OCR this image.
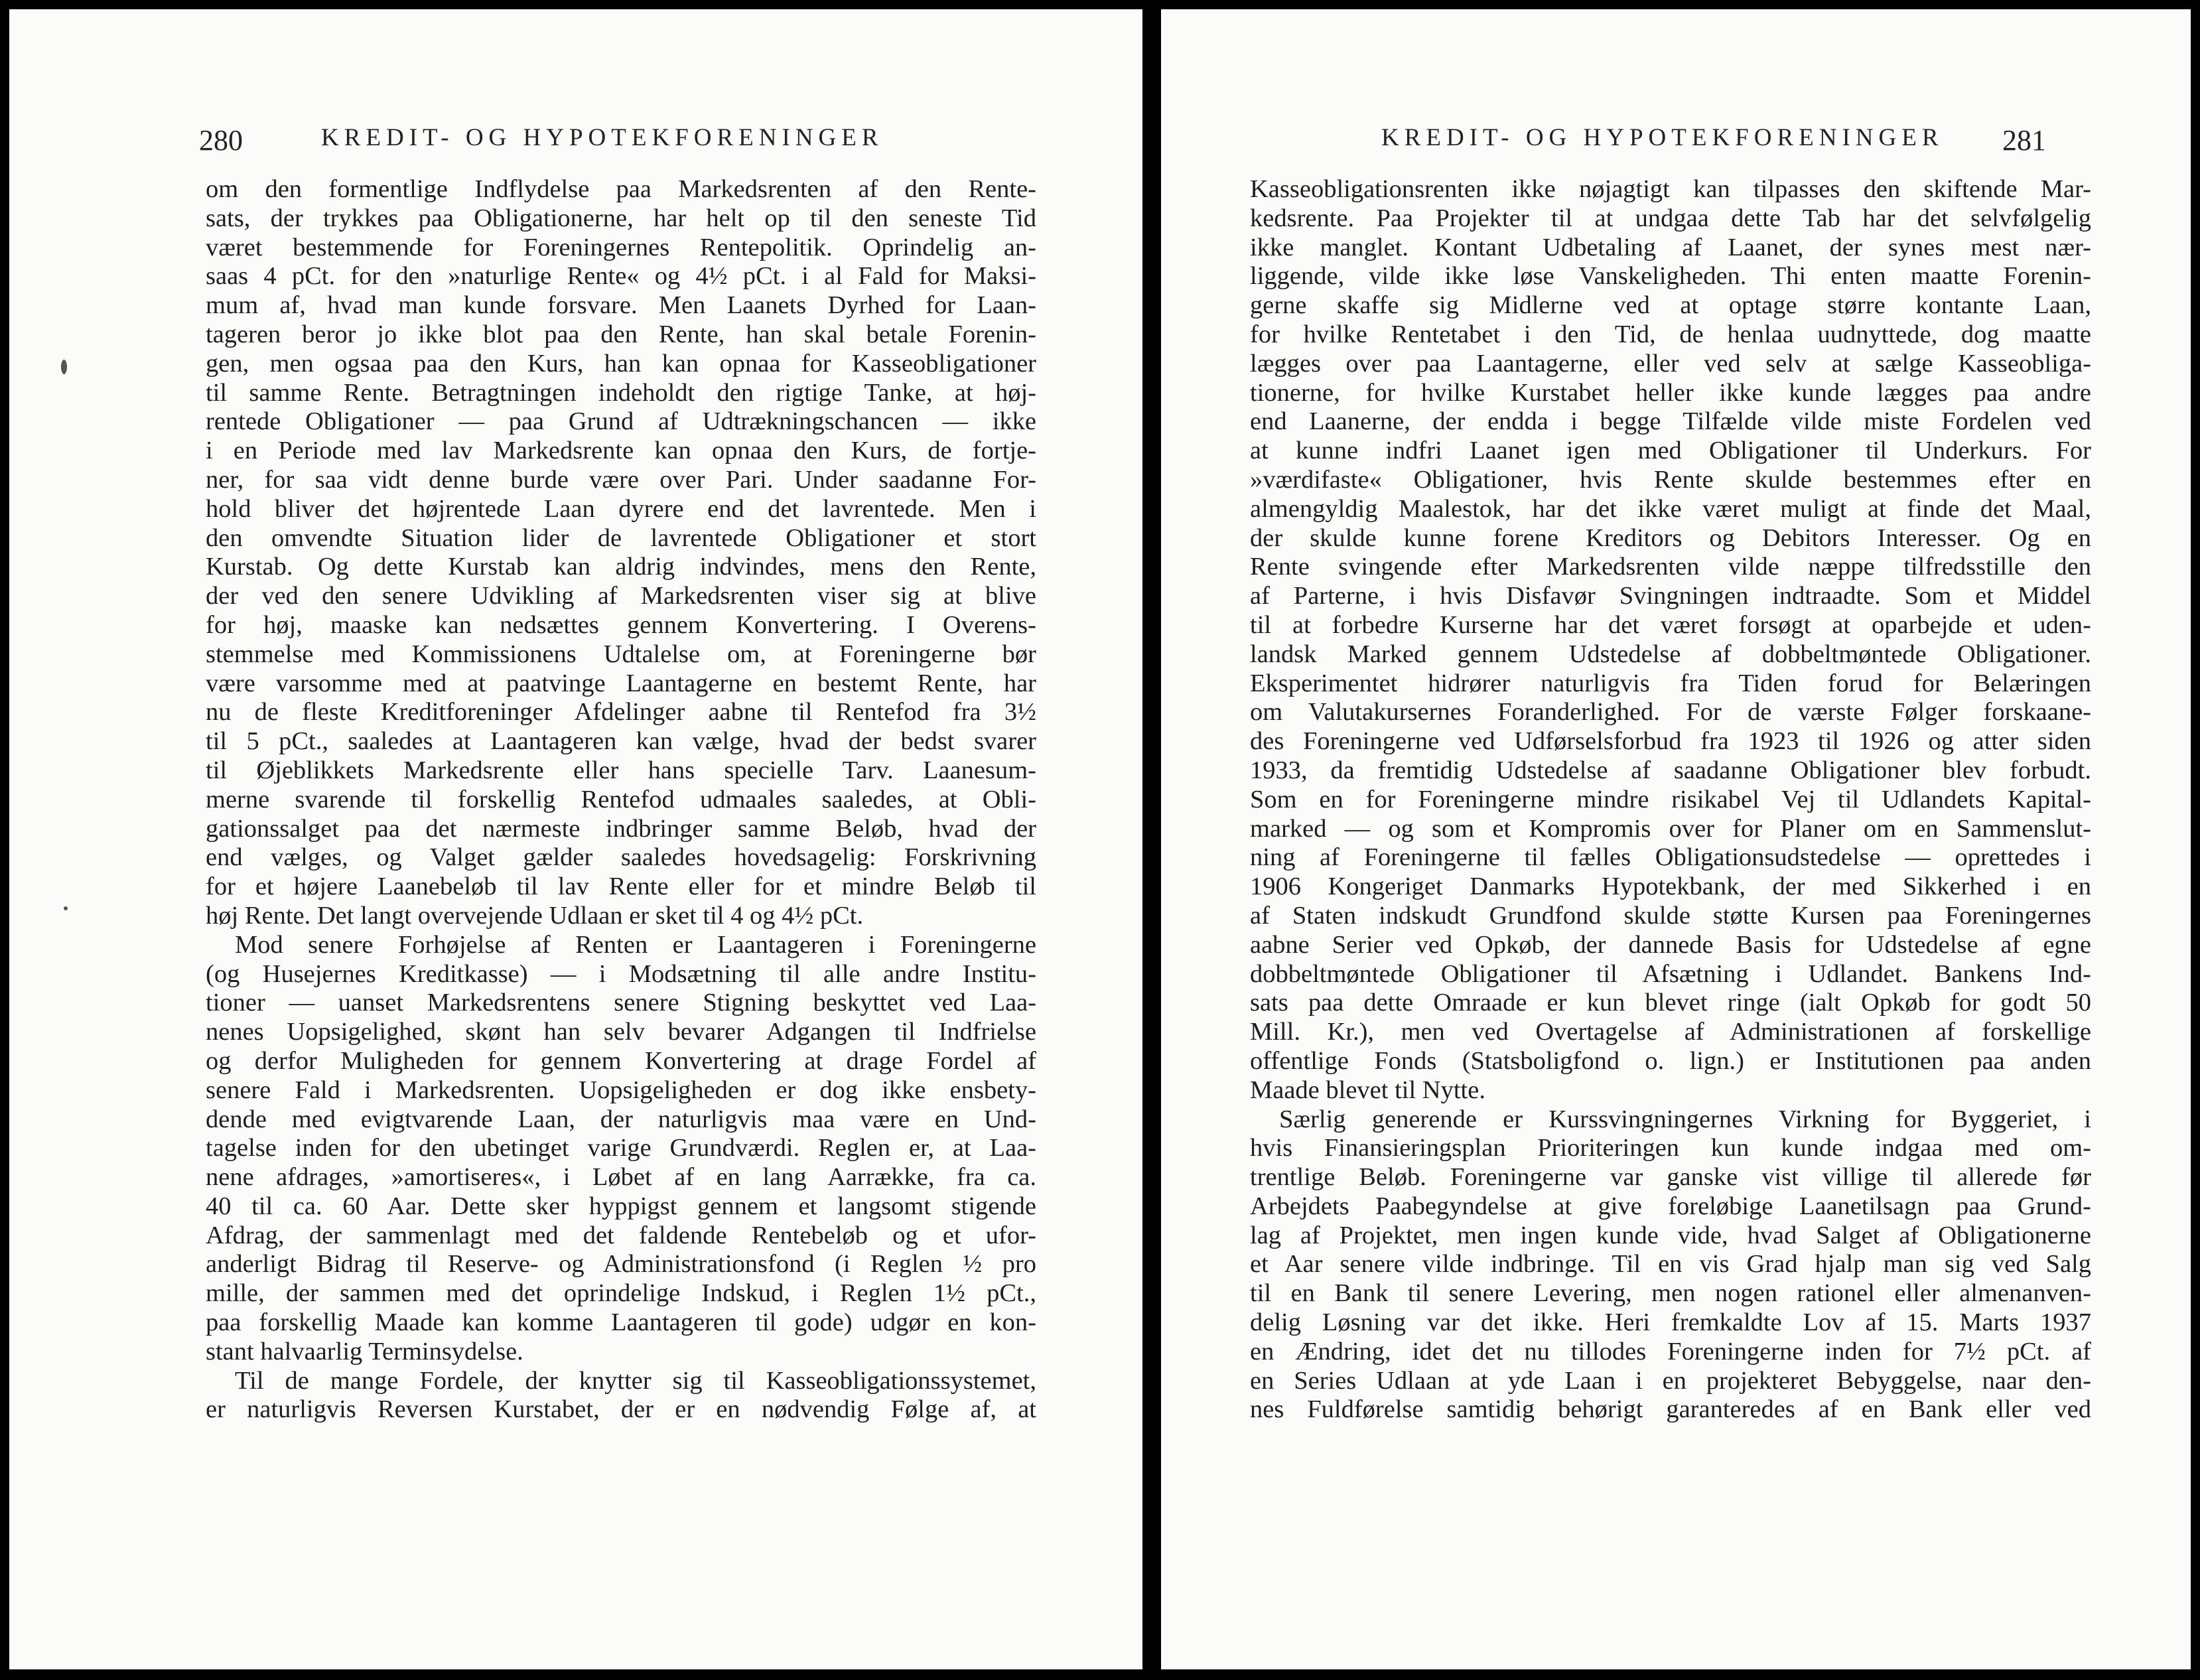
280	KREDIT- OG HYPOTEKFORENINGER
om den formentlige Indflydelse paa Markedsrenten af den Rente-
sats, der trykkes paa Obligationerne, har helt op til den seneste Tid
været bestemmende for Foreningernes Rentepolitik. Oprindelig an-
saas 4 pCt. for den »naturlige Rente« og 4½ pCt. i al Fald for Maksi-
mum af, hvad man kunde forsvare. Men Laanets Dyrhed for Laan-
tageren beror jo ikke blot paa den Rente, han skal betale Forenin-
gen, men ogsaa paa den Kurs, han kan opnaa for Kasseobligationer
til samme Rente. Betragtningen indeholdt den rigtige Tanke, at høj-
rentede Obligationer — paa Grund af Udtrækningschancen — ikke
i en Periode med lav Markedsrente kan opnaa den Kurs, de fortje-
ner, for saa vidt denne burde være over Pari. Under saadanne For-
hold bliver det højrentede Laan dyrere end det lavrentede. Men i
den omvendte Situation lider de lavrentede Obligationer et stort
Kurstab. Og dette Kurstab kan aldrig indvindes, mens den Rente,
der ved den senere Udvikling af Markedsrenten viser sig at blive
for høj, maaske kan nedsættes gennem Konvertering. I Overens-
stemmelse med Kommissionens Udtalelse om, at Foreningerne bør
være varsomme med at paatvinge Laantagerne en bestemt Rente, har
nu de fleste Kreditforeninger Afdelinger aabne til Rentefod fra 3½
til 5 pCt., saaledes at Laantageren kan vælge, hvad der bedst svarer
til Øjeblikkets Markedsrente eller hans specielle Tarv. Laanesum-
merne svarende til forskellig Rentefod udmaales saaledes, at Obli-
gationssalget paa det nærmeste indbringer samme Beløb, hvad der
end vælges, og Valget gælder saaledes hovedsagelig: Forskrivning
for et højere Laanebeløb til lav Rente eller for et mindre Beløb til
høj Rente. Det langt overvejende Udlaan er sket til 4 og 4½ pCt.
Mod senere Forhøjelse af Renten er Laantageren i Foreningerne
(og Husejernes Kreditkasse) — i Modsætning til alle andre Institu-
tioner — uanset Markedsrentens senere Stigning beskyttet ved Laa-
nenes Uopsigelighed, skønt han selv bevarer Adgangen til Indfrielse
og derfor Muligheden for gennem Konvertering at drage Fordel af
senere Fald i Markedsrenten. Uopsigeligheden er dog ikke ensbety-
dende med evigtvarende Laan, der naturligvis maa være en Und-
tagelse inden for den ubetinget varige Grundværdi. Reglen er, at Laa-
nene afdrages, »amortiseres«, i Løbet af en lang Aarrække, fra ca.
40 til ca. 60 Aar. Dette sker hyppigst gennem et langsomt stigende
Afdrag, der sammenlagt med det faldende Rentebeløb og et ufor-
anderligt Bidrag til Reserve- og Administrationsfond (i Reglen ½ pro
mille, der sammen med det oprindelige Indskud, i Reglen 1½ pCt.,
paa forskellig Maade kan komme Laantageren til gode) udgør en kon-
stant halvaarlig Terminsydelse.
Til de mange Fordele, der knytter sig til Kasseobligationssystemet,
er naturligvis Reversen Kurstabet, der er en nødvendig Følge af, at
KREDIT- OG HYPOTEKFORENINGER 281
Kasseobligationsrenten ikke nøjagtigt kan tilpasses den skiftende Mar-
kedsrente. Paa Projekter til at undgaa dette Tab har det selvfølgelig
ikke manglet. Kontant Udbetaling af Laanet, der synes mest nær-
liggende, vilde ikke løse Vanskeligheden. Thi enten maatte Forenin-
gerne skaffe sig Midlerne ved at optage større kontante Laan,
for hvilke Rentetabet i den Tid, de henlaa uudnyttede, dog maatte
lægges over paa Laantagerne, eller ved selv at sælge Kasseobliga-
tionerne, for hvilke Kurstabet heller ikke kunde lægges paa andre
end Laanerne, der endda i begge Tilfælde vilde miste Fordelen ved
at kunne indfri Laanet igen med Obligationer til Underkurs. For
»værdifaste« Obligationer, hvis Rente skulde bestemmes efter en
almengyldig Maalestok, har det ikke været muligt at finde det Maal,
der skulde kunne forene Kreditors og Debitors Interesser. Og en
Rente svingende efter Markedsrenten vilde næppe tilfredsstille den
af Parterne, i hvis Disfavør Svingningen indtraadte. Som et Middel
til at forbedre Kurserne har det været forsøgt at oparbejde et uden-
landsk Marked gennem Udstedelse af dobbeltmøntede Obligationer.
Eksperimentet hidrører naturligvis fra Tiden forud for Belæringen
om Valutakursernes Foranderlighed. For de værste Følger forskaane-
des Foreningerne ved Udførselsforbud fra 1923 til 1926 og atter siden
1933, da fremtidig Udstedelse af saadanne Obligationer blev forbudt.
Som en for Foreningerne mindre risikabel Vej til Udlandets Kapital-
marked — og som et Kompromis over for Planer om en Sammenslut-
ning af Foreningerne til fælles Obligationsudstedelse — oprettedes i
1906 Kongeriget Danmarks Hypotekbank, der med Sikkerhed i en
af Staten indskudt Grundfond skulde støtte Kursen paa Foreningernes
aabne Serier ved Opkøb, der dannede Basis for Udstedelse af egne
dobbeltmøntede Obligationer til Afsætning i Udlandet. Bankens Ind-
sats paa dette Omraade er kun blevet ringe (ialt Opkøb for godt 50
Mill. Kr.), men ved Overtagelse af Administrationen af forskellige
offentlige Fonds (Statsboligfond o. lign.) er Institutionen paa anden
Maade blevet til Nytte.
Særlig generende er Kurssvingningernes Virkning for Byggeriet, i
hvis Finansieringsplan Prioriteringen kun kunde indgaa med om-
trentlige Beløb. Foreningerne var ganske vist villige til allerede før
Arbejdets Paabegyndelse at give foreløbige Laanetilsagn paa Grund-
lag af Projektet, men ingen kunde vide, hvad Salget af Obligationerne
et Aar senere vilde indbringe. Til en vis Grad hjalp man sig ved Salg
til en Bank til senere Levering, men nogen rationel eller almenanven-
delig Løsning var det ikke. Heri fremkaldte Lov af 15. Marts 1937
en Ændring, idet det nu tillodes Foreningerne inden for 7½ pCt. af
en Series Udlaan at yde Laan i en projekteret Bebyggelse, naar den-
nes Fuldførelse samtidig behørigt garanteredes af en Bank eller ved
